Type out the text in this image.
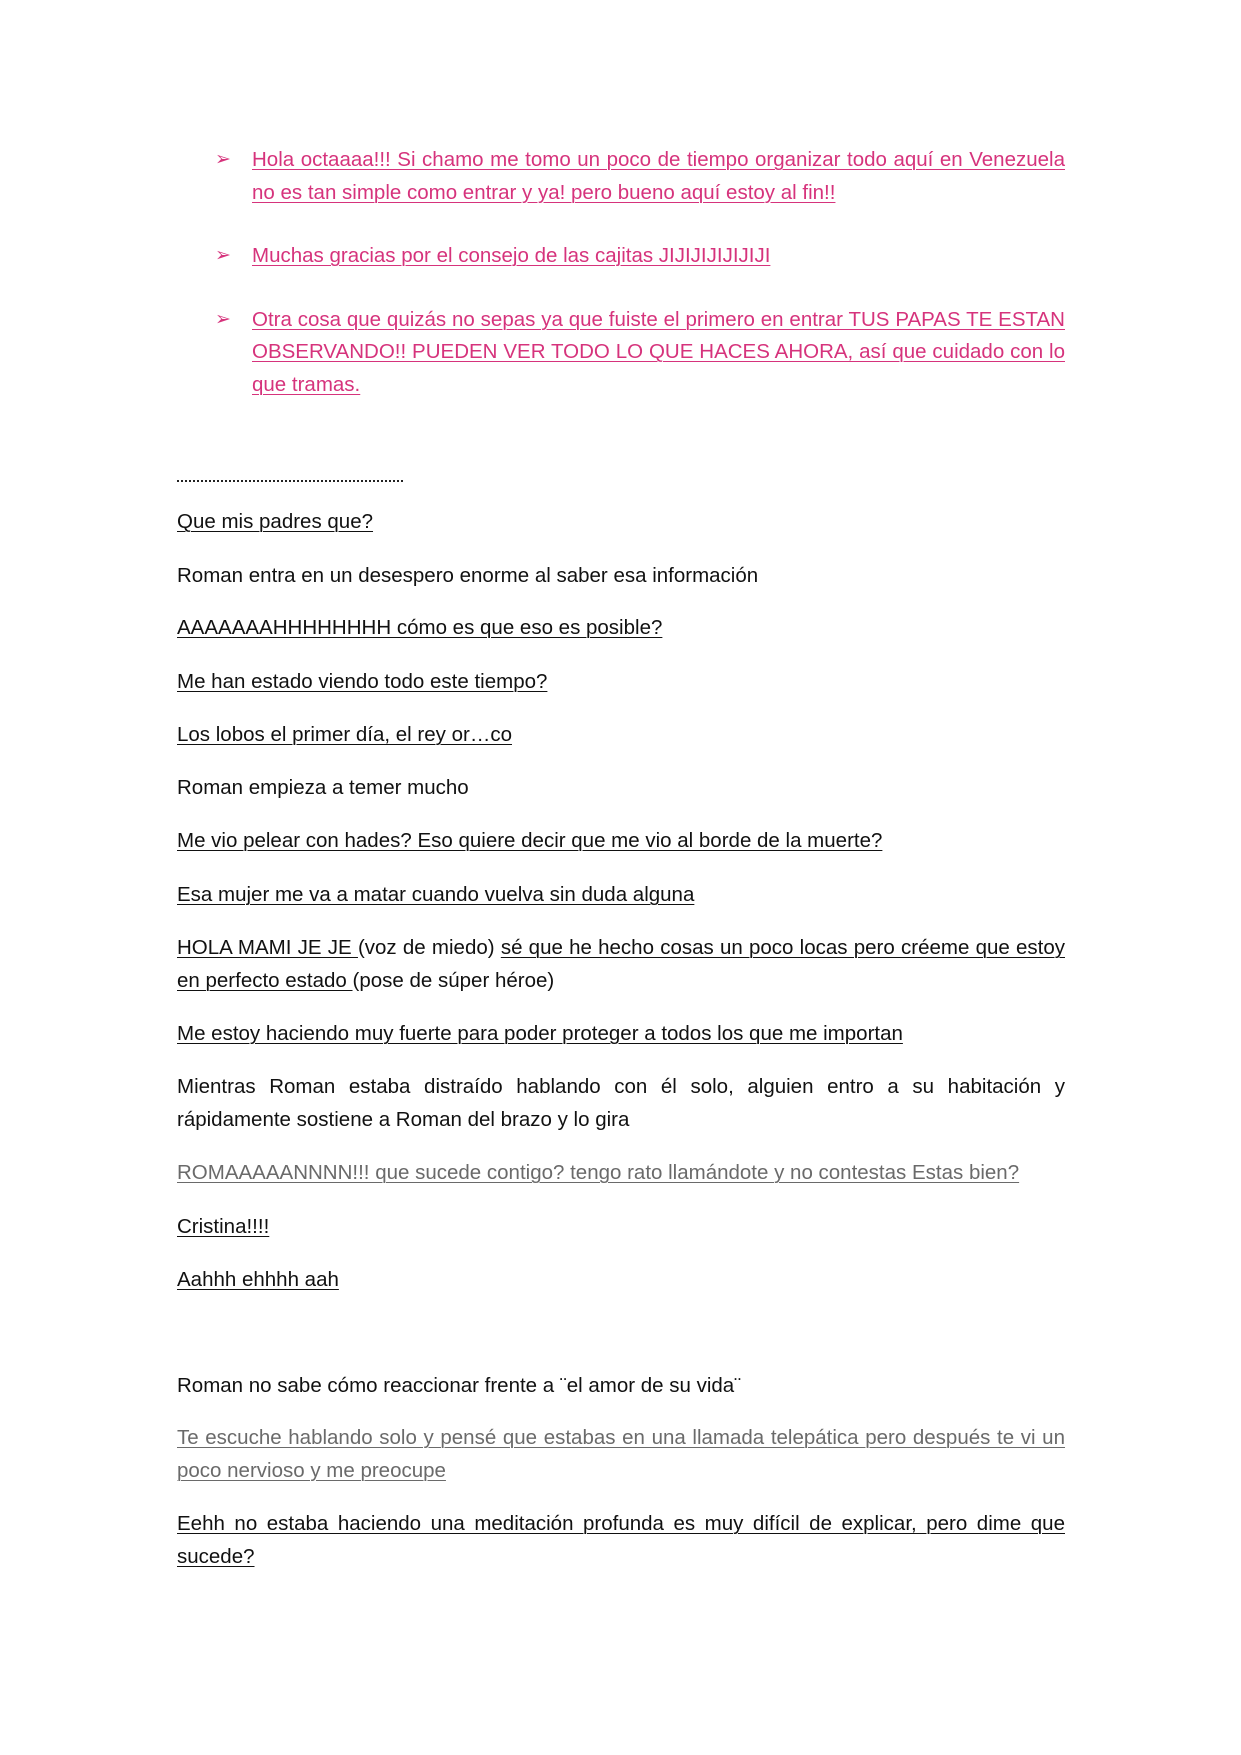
➢ Hola octaaaa!!! Si chamo me tomo un poco de tiempo organizar todo aquí en Venezuela no es tan simple como entrar y ya! pero bueno aquí estoy al fin!!
➢ Muchas gracias por el consejo de las cajitas JIJIJIJIJIJIJI
➢ Otra cosa que quizás no sepas ya que fuiste el primero en entrar TUS PAPAS TE ESTAN OBSERVANDO!! PUEDEN VER TODO LO QUE HACES AHORA, así que cuidado con lo que tramas.
Que mis padres que?
Roman entra en un desespero enorme al saber esa información
AAAAAAAHHHHHHHH cómo es que eso es posible?
Me han estado viendo todo este tiempo?
Los lobos el primer día, el rey or…co
Roman empieza a temer mucho
Me vio pelear con hades? Eso quiere decir que me vio al borde de la muerte?
Esa mujer me va a matar cuando vuelva sin duda alguna
HOLA MAMI JE JE (voz de miedo) sé que he hecho cosas un poco locas pero créeme que estoy en perfecto estado (pose de súper héroe)
Me estoy haciendo muy fuerte para poder proteger a todos los que me importan
Mientras Roman estaba distraído hablando con él solo, alguien entro a su habitación y rápidamente sostiene a Roman del brazo y lo gira
ROMAAAAANNNN!!! que sucede contigo? tengo rato llamándote y no contestas Estas bien?
Cristina!!!!
Aahhh ehhhh aah
Roman no sabe cómo reaccionar frente a ¨el amor de su vida¨
Te escuche hablando solo y pensé que estabas en una llamada telepática pero después te vi un poco nervioso y me preocupe
Eehh no estaba haciendo una meditación profunda es muy difícil de explicar, pero dime que sucede?
